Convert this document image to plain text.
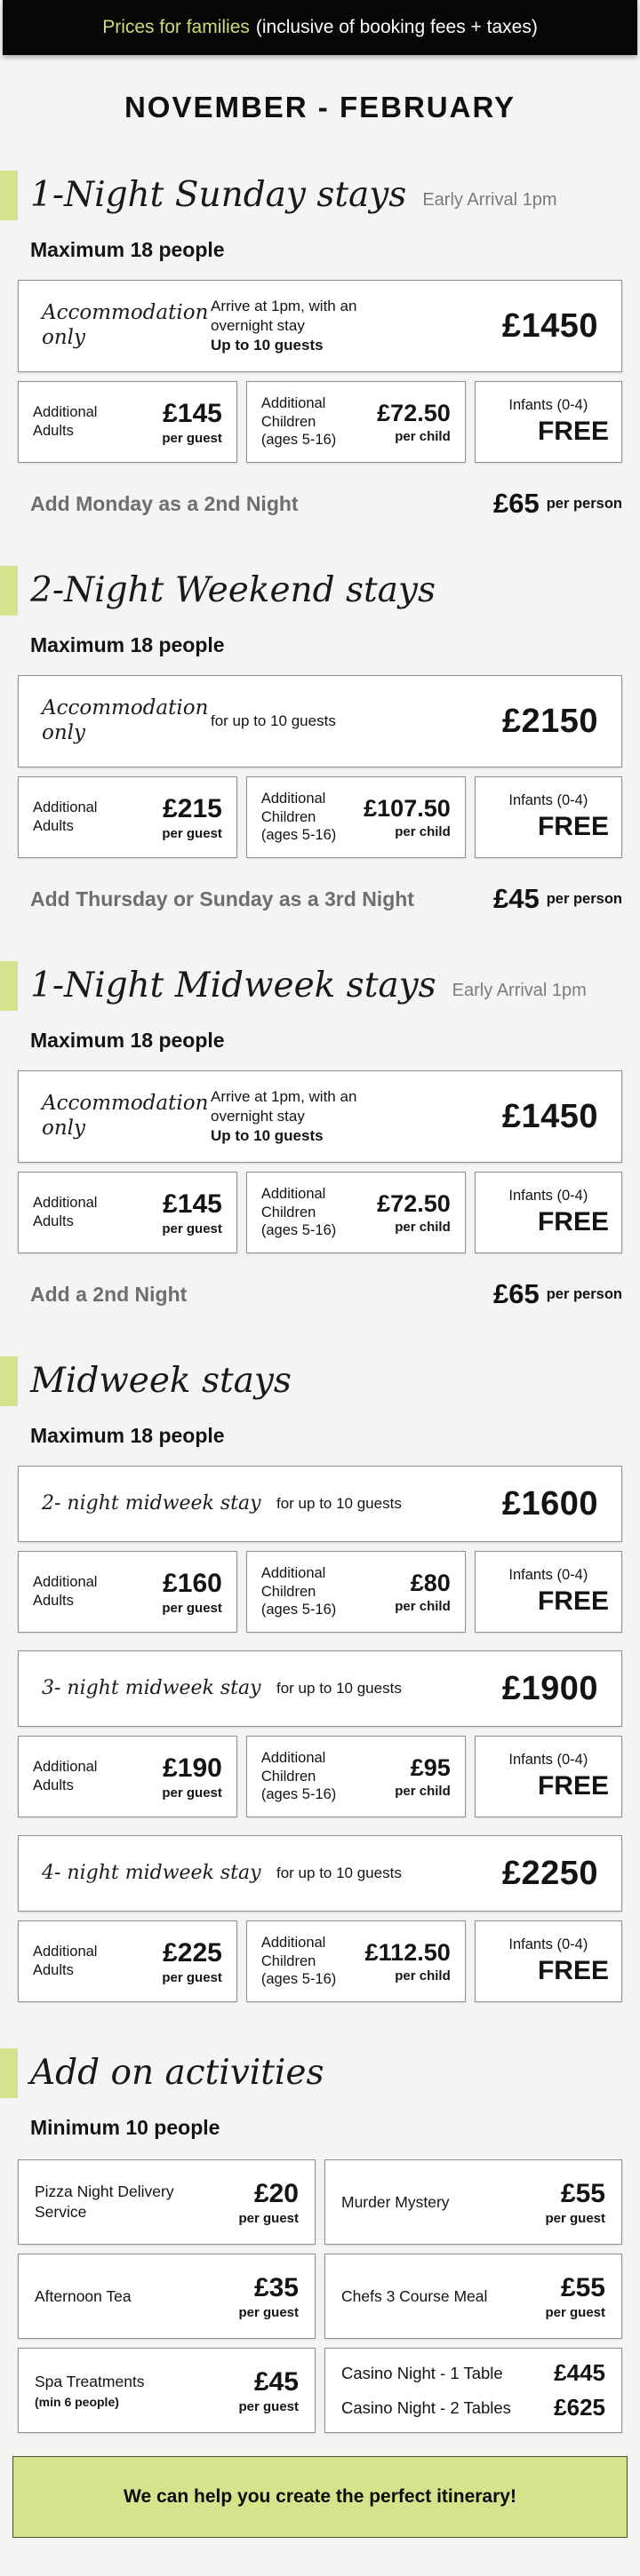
Prices for families (inclusive of booking fees + taxes)
NOVEMBER - FEBRUARY
1-Night Sunday stays Early Arrival 1pm
Maximum 18 people
Accommodation only
Arrive at 1pm, with an overnight stay
Up to 10 guests
£1450
Additional Adults
£145
per guest
Additional Children (ages 5-16)
£72.50
per child
Infants (0-4)
FREE
Add Monday as a 2nd Night	£65 per person
2-Night Weekend stays
Maximum 18 people
Accommodation only
for up to 10 guests	£2150
Additional Adults
£215
per guest
Additional Children (ages 5-16)
£107.50
per child
Infants (0-4)
FREE
Add Thursday or Sunday as a 3rd Night	£45 per person
1-Night Midweek stays Early Arrival 1pm
Maximum 18 people
Accommodation only
Arrive at 1pm, with an overnight stay
Up to 10 guests
£1450
Additional Adults
£145
per guest
Additional Children (ages 5-16)
£72.50
per child
Infants (0-4)
FREE
Add a 2nd Night	£65 per person
Midweek stays
Maximum 18 people
2- night midweek stay	for up to 10 guests	£1600
Additional Adults
£160
per guest
Additional Children (ages 5-16)
£80
per child
Infants (0-4)
FREE
3- night midweek stay	for up to 10 guests	£1900
Additional Adults
£190
per guest
Additional Children (ages 5-16)
£95
per child
Infants (0-4)
FREE
4- night midweek stay	for up to 10 guests	£2250
Additional Adults
£225
per guest
Additional Children (ages 5-16)
£112.50
per child
Infants (0-4)
FREE
Add on activities
Minimum 10 people
Pizza Night Delivery Service
£20
per guest
Murder Mystery	£55
per guest
Afternoon Tea	£35
per guest
Chefs 3 Course Meal	£55
per guest
Spa Treatments
(min 6 people)
£45
per guest
Casino Night - 1 Table £445
Casino Night - 2 Tables £625
We can help you create the perfect itinerary!
